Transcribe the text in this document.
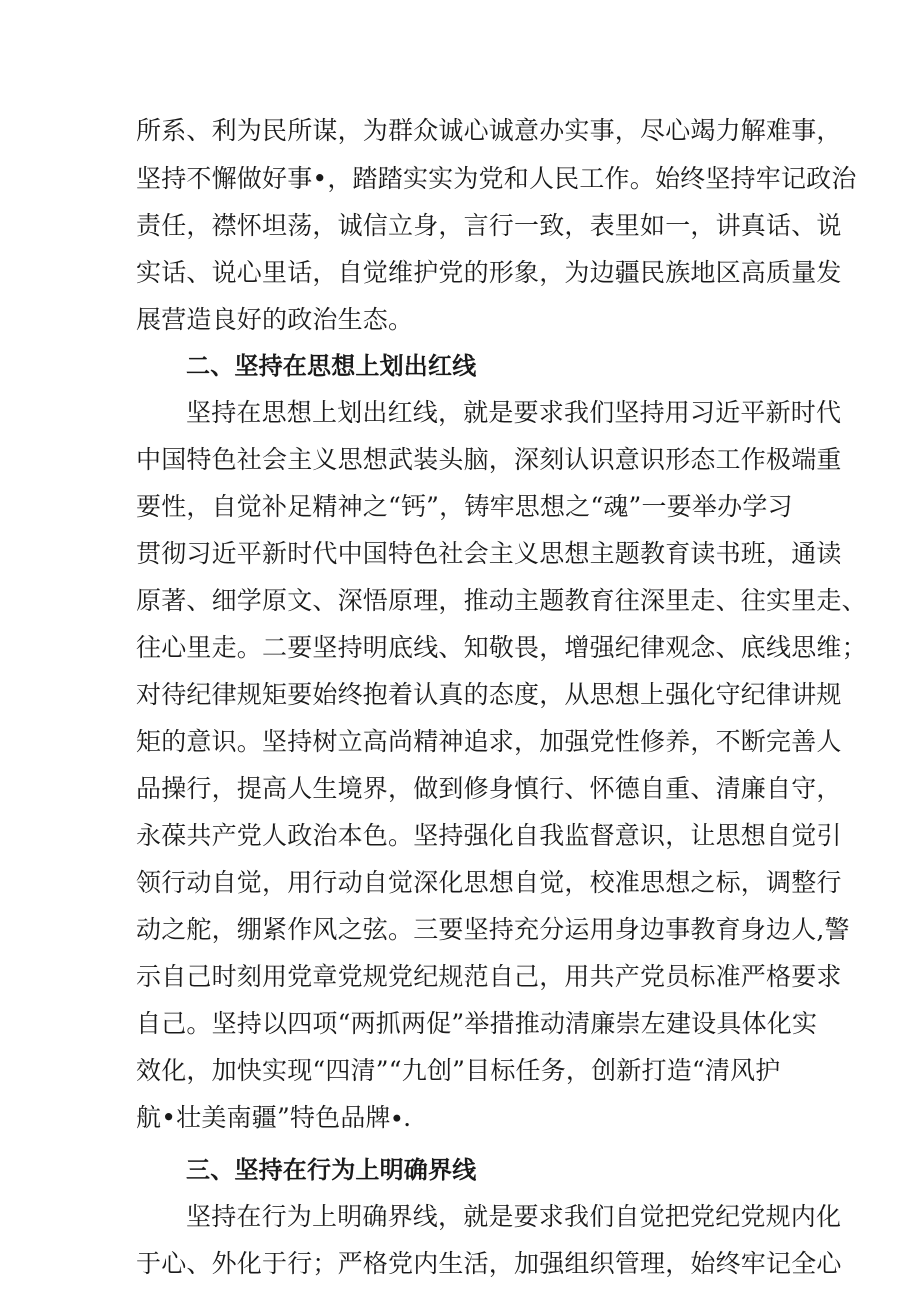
所系、利为民所谋，为群众诚心诚意办实事，尽心竭力解难事，
坚持不懈做好事•，踏踏实实为党和人民工作。始终坚持牢记政治
责任，襟怀坦荡，诚信立身，言行一致，表里如一，讲真话、说
实话、说心里话，自觉维护党的形象，为边疆民族地区高质量发
展营造良好的政治生态。
二、坚持在思想上划出红线
坚持在思想上划出红线，就是要求我们坚持用习近平新时代
中国特色社会主义思想武装头脑，深刻认识意识形态工作极端重
要性，自觉补足精神之“钙”，铸牢思想之“魂”一要举办学习
贯彻习近平新时代中国特色社会主义思想主题教育读书班，通读
原著、细学原文、深悟原理，推动主题教育往深里走、往实里走、
往心里走。二要坚持明底线、知敬畏，增强纪律观念、底线思维；
对待纪律规矩要始终抱着认真的态度，从思想上强化守纪律讲规
矩的意识。坚持树立高尚精神追求，加强党性修养，不断完善人
品操行，提高人生境界，做到修身慎行、怀德自重、清廉自守，
永葆共产党人政治本色。坚持强化自我监督意识，让思想自觉引
领行动自觉，用行动自觉深化思想自觉，校准思想之标，调整行
动之舵，绷紧作风之弦。三要坚持充分运用身边事教育身边人,警
示自己时刻用党章党规党纪规范自己，用共产党员标准严格要求
自己。坚持以四项“两抓两促”举措推动清廉崇左建设具体化实
效化，加快实现“四清”“九创”目标任务，创新打造“清风护
航•壮美南疆”特色品牌∙.
三、坚持在行为上明确界线
坚持在行为上明确界线，就是要求我们自觉把党纪党规内化
于心、外化于行；严格党内生活，加强组织管理，始终牢记全心
